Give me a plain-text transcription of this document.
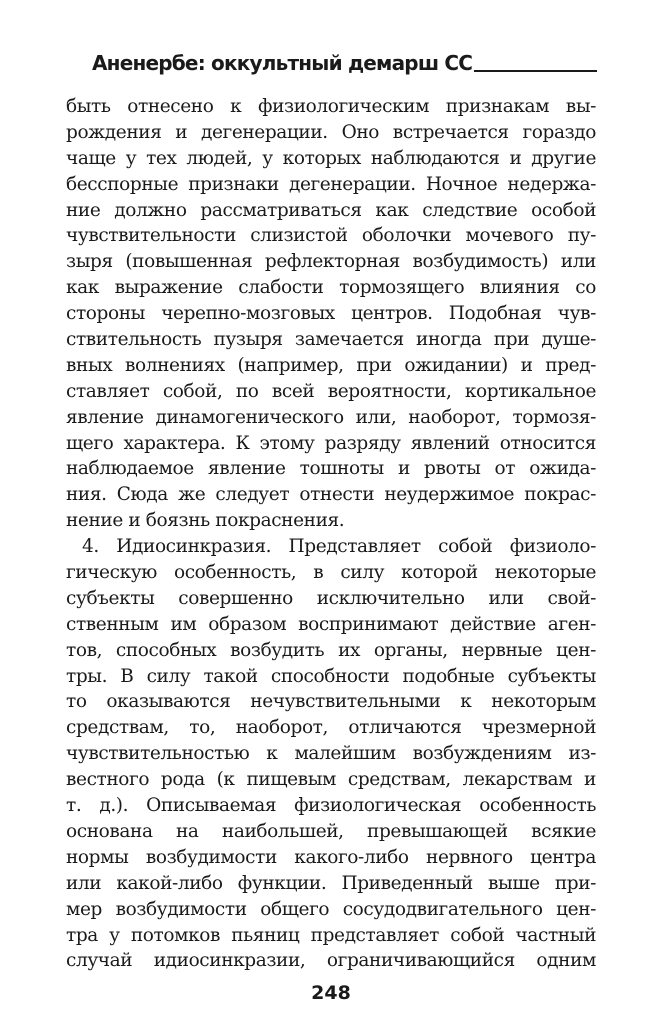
Аненербе: оккультный демарш СС
быть отнесено к физиологическим признакам вы-
рождения и дегенерации. Оно встречается гораздо
чаще у тех людей, у которых наблюдаются и другие
бесспорные признаки дегенерации. Ночное недержа-
ние должно рассматриваться как следствие особой
чувствительности слизистой оболочки мочевого пу-
зыря (повышенная рефлекторная возбудимость) или
как выражение слабости тормозящего влияния со
стороны черепно-мозговых центров. Подобная чув-
ствительность пузыря замечается иногда при душе-
вных волнениях (например, при ожидании) и пред-
ставляет собой, по всей вероятности, кортикальное
явление динамогенического или, наоборот, тормозя-
щего характера. К этому разряду явлений относится
наблюдаемое явление тошноты и рвоты от ожида-
ния. Сюда же следует отнести неудержимое покрас-
нение и боязнь покраснения.
4. Идиосинкразия. Представляет собой физиоло-
гическую особенность, в силу которой некоторые
субъекты совершенно исключительно или свой-
ственным им образом воспринимают действие аген-
тов, способных возбудить их органы, нервные цен-
тры. В силу такой способности подобные субъекты
то оказываются нечувствительными к некоторым
средствам, то, наоборот, отличаются чрезмерной
чувствительностью к малейшим возбуждениям из-
вестного рода (к пищевым средствам, лекарствам и
т. д.). Описываемая физиологическая особенность
основана на наибольшей, превышающей всякие
нормы возбудимости какого-либо нервного центра
или какой-либо функции. Приведенный выше при-
мер возбудимости общего сосудодвигательного цен-
тра у потомков пьяниц представляет собой частный
случай идиосинкразии, ограничивающийся одним
248
